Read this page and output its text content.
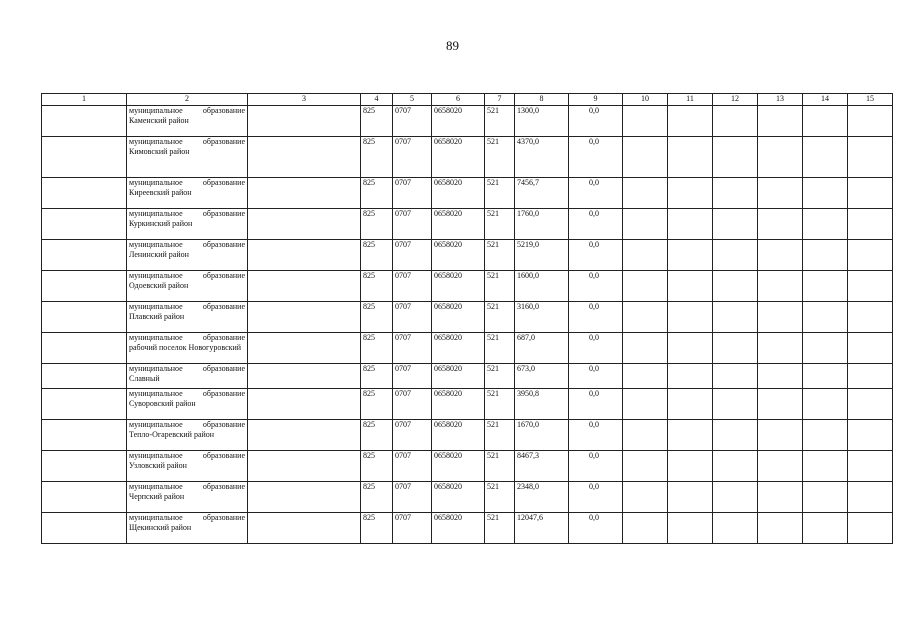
89
1	2	3	4	5	6	7	8	9	10	11	12	13	14	15
	муниципальное образование Каменский район		825	0707	0658020	521	1300,0	0,0						
	муниципальное образование Кимовский район		825	0707	0658020	521	4370,0	0,0						
	муниципальное образование Киреевский район		825	0707	0658020	521	7456,7	0,0						
	муниципальное образование Куркинский район		825	0707	0658020	521	1760,0	0,0						
	муниципальное образование Ленинский район		825	0707	0658020	521	5219,0	0,0						
	муниципальное образование Одоевский район		825	0707	0658020	521	1600,0	0,0						
	муниципальное образование Плавский район		825	0707	0658020	521	3160,0	0,0						
	муниципальное образование рабочий поселок Новогуровский		825	0707	0658020	521	687,0	0,0						
	муниципальное образование Славный		825	0707	0658020	521	673,0	0,0						
	муниципальное образование Суворовский район		825	0707	0658020	521	3950,8	0,0						
	муниципальное образование Тепло-Огаревский район		825	0707	0658020	521	1670,0	0,0						
	муниципальное образование Узловский район		825	0707	0658020	521	8467,3	0,0						
	муниципальное образование Черпский район		825	0707	0658020	521	2348,0	0,0						
	муниципальное образование Щекинский район		825	0707	0658020	521	12047,6	0,0						
